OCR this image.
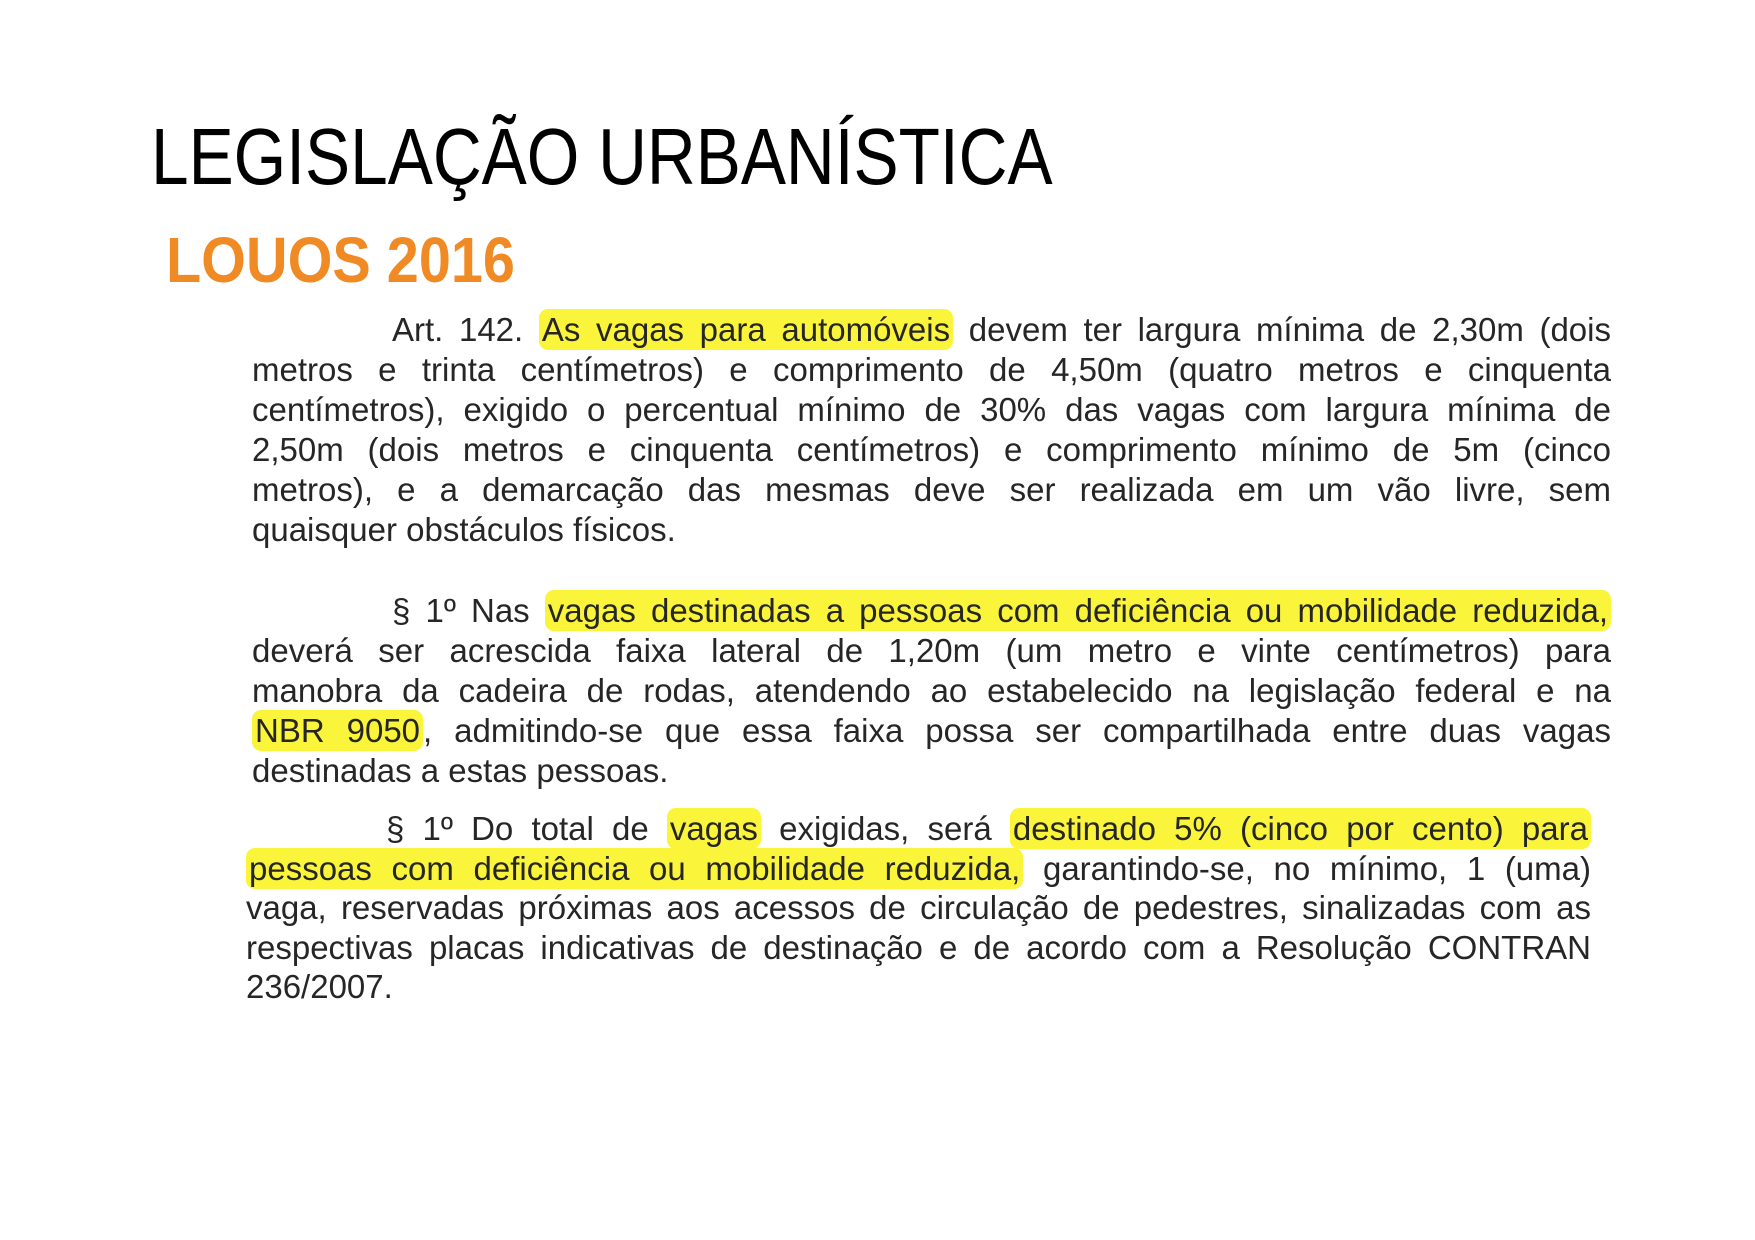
LEGISLAÇÃO URBANÍSTICA
LOUOS 2016
Art. 142. As vagas para automóveis devem ter largura mínima de 2,30m (dois
metros e trinta centímetros) e comprimento de 4,50m (quatro metros e cinquenta
centímetros), exigido o percentual mínimo de 30% das vagas com largura mínima de
2,50m (dois metros e cinquenta centímetros) e comprimento mínimo de 5m (cinco
metros), e a demarcação das mesmas deve ser realizada em um vão livre, sem
quaisquer obstáculos físicos.
§ 1º Nas vagas destinadas a pessoas com deficiência ou mobilidade reduzida,
deverá ser acrescida faixa lateral de 1,20m (um metro e vinte centímetros) para
manobra da cadeira de rodas, atendendo ao estabelecido na legislação federal e na
NBR 9050, admitindo-se que essa faixa possa ser compartilhada entre duas vagas
destinadas a estas pessoas.
§ 1º Do total de vagas exigidas, será destinado 5% (cinco por cento) para
pessoas com deficiência ou mobilidade reduzida, garantindo-se, no mínimo, 1 (uma)
vaga, reservadas próximas aos acessos de circulação de pedestres, sinalizadas com as
respectivas placas indicativas de destinação e de acordo com a Resolução CONTRAN
236/2007.
